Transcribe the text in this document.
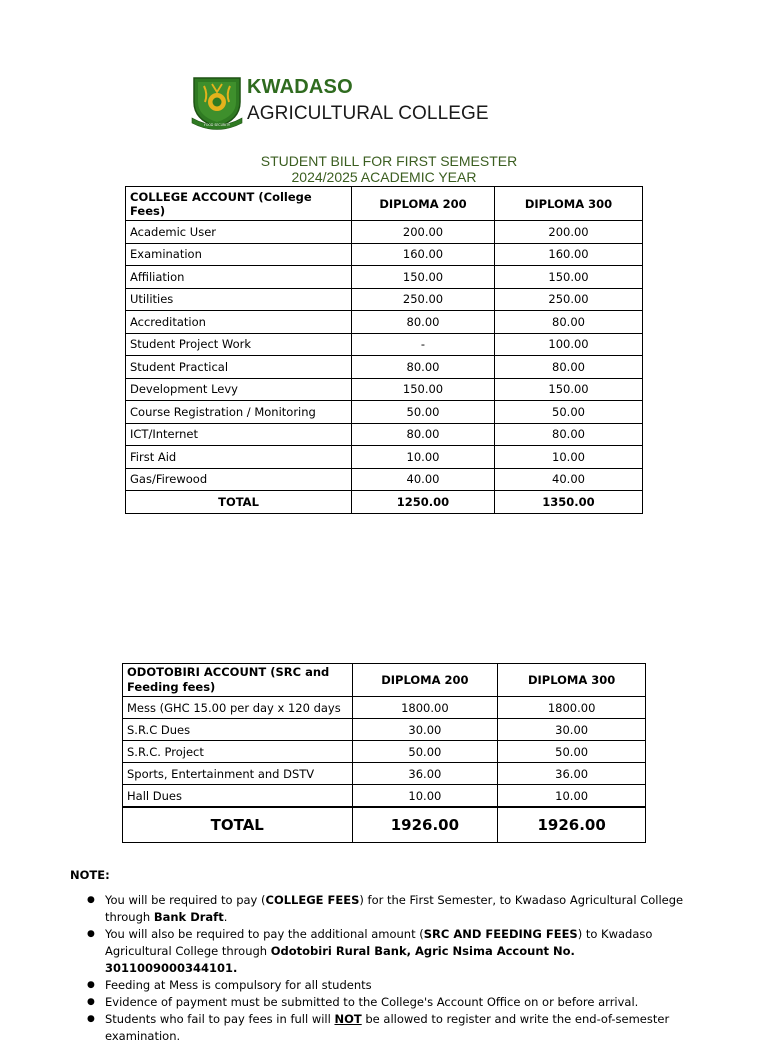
FOOD SECURITY
KWADASO
AGRICULTURAL COLLEGE
STUDENT BILL FOR FIRST SEMESTER
2024/2025 ACADEMIC YEAR
COLLEGE ACCOUNT (College Fees)	DIPLOMA 200	DIPLOMA 300
Academic User	200.00	200.00
Examination	160.00	160.00
Affiliation	150.00	150.00
Utilities	250.00	250.00
Accreditation	80.00	80.00
Student Project Work	-	100.00
Student Practical	80.00	80.00
Development Levy	150.00	150.00
Course Registration / Monitoring	50.00	50.00
ICT/Internet	80.00	80.00
First Aid	10.00	10.00
Gas/Firewood	40.00	40.00
TOTAL	1250.00	1350.00
ODOTOBIRI ACCOUNT (SRC and Feeding fees)	DIPLOMA 200	DIPLOMA 300
Mess (GHC 15.00 per day x 120 days	1800.00	1800.00
S.R.C Dues	30.00	30.00
S.R.C. Project	50.00	50.00
Sports, Entertainment and DSTV	36.00	36.00
Hall Dues	10.00	10.00
TOTAL	1926.00	1926.00
NOTE:
● You will be required to pay (COLLEGE FEES) for the First Semester, to Kwadaso Agricultural College through Bank Draft.
● You will also be required to pay the additional amount (SRC AND FEEDING FEES) to Kwadaso Agricultural College through Odotobiri Rural Bank, Agric Nsima Account No. 3011009000344101.
● Feeding at Mess is compulsory for all students
● Evidence of payment must be submitted to the College's Account Office on or before arrival.
● Students who fail to pay fees in full will NOT be allowed to register and write the end-of-semester examination.
